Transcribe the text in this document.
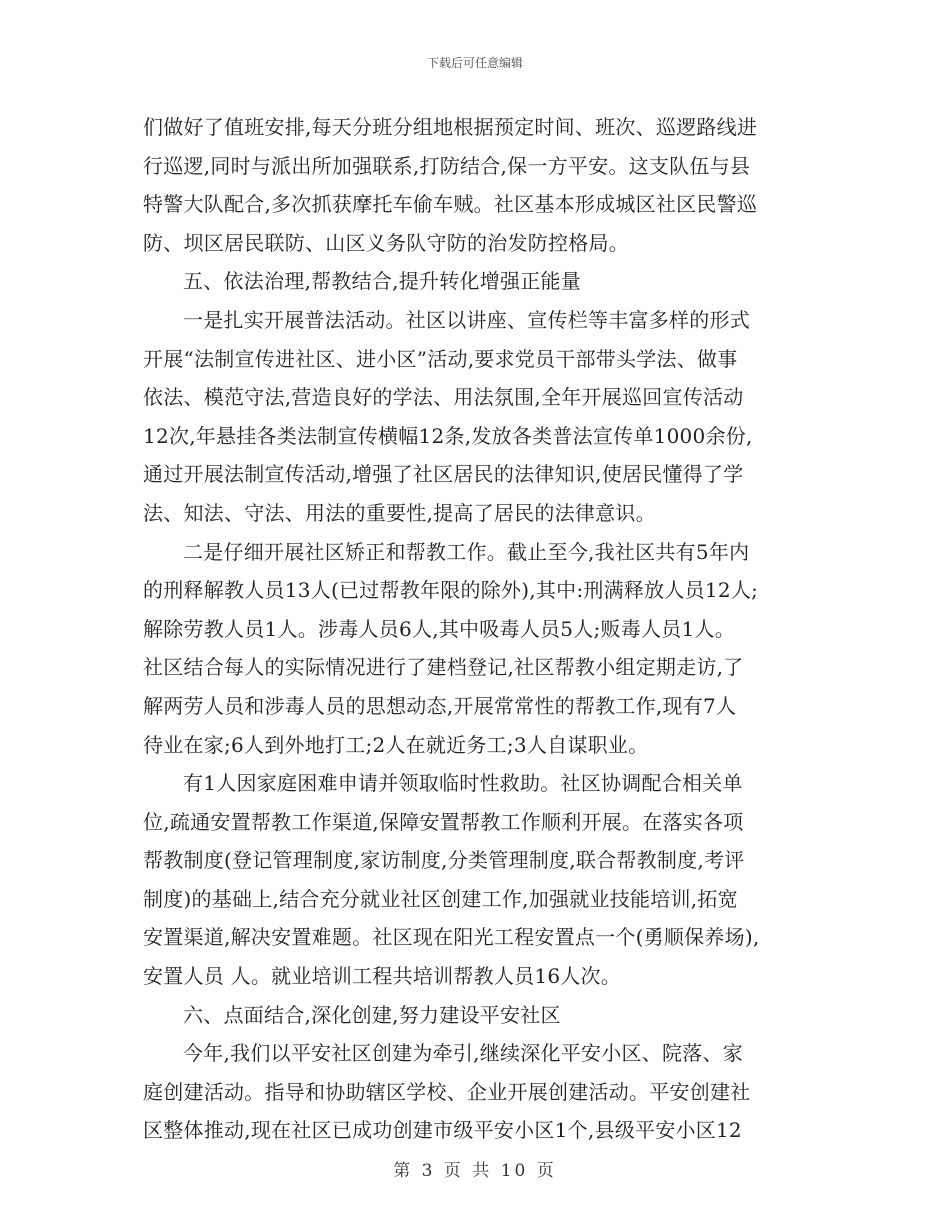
下载后可任意编辑
们做好了值班安排,每天分班分组地根据预定时间、班次、巡逻路线进
行巡逻,同时与派出所加强联系,打防结合,保一方平安。这支队伍与县
特警大队配合,多次抓获摩托车偷车贼。社区基本形成城区社区民警巡
防、坝区居民联防、山区义务队守防的治发防控格局。
五、依法治理,帮教结合,提升转化增强正能量
一是扎实开展普法活动。社区以讲座、宣传栏等丰富多样的形式
开展“法制宣传进社区、进小区”活动,要求党员干部带头学法、做事
依法、模范守法,营造良好的学法、用法氛围,全年开展巡回宣传活动
12次,年悬挂各类法制宣传横幅12条,发放各类普法宣传单1000余份,
通过开展法制宣传活动,增强了社区居民的法律知识,使居民懂得了学
法、知法、守法、用法的重要性,提高了居民的法律意识。
二是仔细开展社区矫正和帮教工作。截止至今,我社区共有5年内
的刑释解教人员13人(已过帮教年限的除外),其中:刑满释放人员12人;
解除劳教人员1人。涉毒人员6人,其中吸毒人员5人;贩毒人员1人。
社区结合每人的实际情况进行了建档登记,社区帮教小组定期走访,了
解两劳人员和涉毒人员的思想动态,开展常常性的帮教工作,现有7人
待业在家;6人到外地打工;2人在就近务工;3人自谋职业。
有1人因家庭困难申请并领取临时性救助。社区协调配合相关单
位,疏通安置帮教工作渠道,保障安置帮教工作顺利开展。在落实各项
帮教制度(登记管理制度,家访制度,分类管理制度,联合帮教制度,考评
制度)的基础上,结合充分就业社区创建工作,加强就业技能培训,拓宽
安置渠道,解决安置难题。社区现在阳光工程安置点一个(勇顺保养场),
安置人员 人。就业培训工程共培训帮教人员16人次。
六、点面结合,深化创建,努力建设平安社区
今年,我们以平安社区创建为牵引,继续深化平安小区、院落、家
庭创建活动。指导和协助辖区学校、企业开展创建活动。平安创建社
区整体推动,现在社区已成功创建市级平安小区1个,县级平安小区12
第 3 页 共 10 页
